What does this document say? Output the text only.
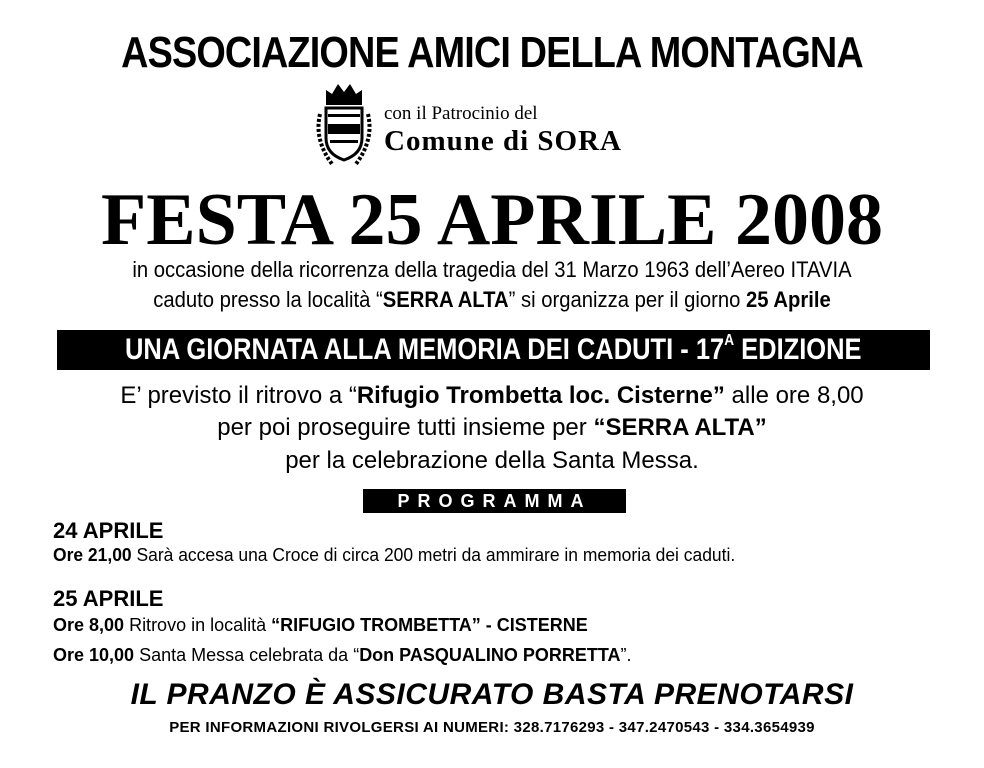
ASSOCIAZIONE AMICI DELLA MONTAGNA
con il Patrocinio del
Comune di SORA
FESTA 25 APRILE 2008
in occasione della ricorrenza della tragedia del 31 Marzo 1963 dell’Aereo ITAVIA
caduto presso la località “SERRA ALTA” si organizza per il giorno 25 Aprile
UNA GIORNATA ALLA MEMORIA DEI CADUTI - $17^A$ EDIZIONE
E’ previsto il ritrovo a “Rifugio Trombetta loc. Cisterne” alle ore 8,00
per poi proseguire tutti insieme per “SERRA ALTA”
per la celebrazione della Santa Messa.
PROGRAMMA
24 APRILE
Ore 21,00 Sarà accesa una Croce di circa 200 metri da ammirare in memoria dei caduti.
25 APRILE
Ore 8,00 Ritrovo in località “RIFUGIO TROMBETTA” - CISTERNE
Ore 10,00 Santa Messa celebrata da “Don PASQUALINO PORRETTA”.
IL PRANZO È ASSICURATO BASTA PRENOTARSI
PER INFORMAZIONI RIVOLGERSI AI NUMERI: 328.7176293 - 347.2470543 - 334.3654939
